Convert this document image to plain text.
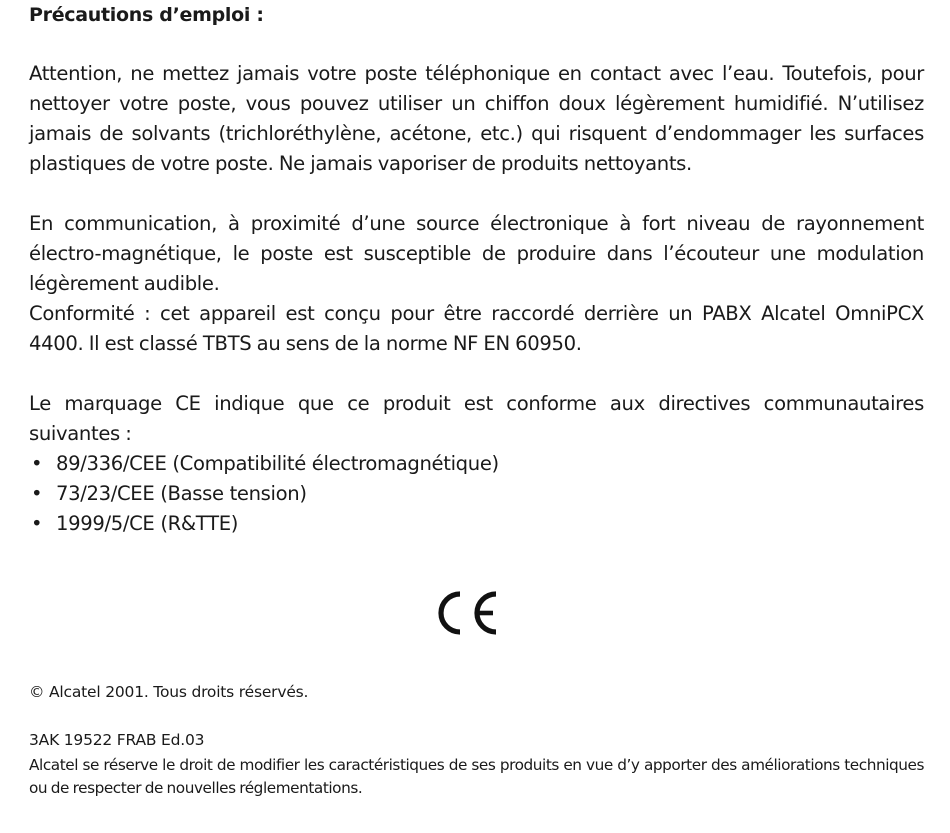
Précautions d’emploi :
Attention, ne mettez jamais votre poste téléphonique en contact avec l’eau. Toutefois, pour nettoyer votre poste, vous pouvez utiliser un chiffon doux légèrement humidifié. N’utilisez jamais de solvants (trichloréthylène, acétone, etc.) qui risquent d’endommager les surfaces plastiques de votre poste. Ne jamais vaporiser de produits nettoyants.
En communication, à proximité d’une source électronique à fort niveau de rayonnement électro-magnétique, le poste est susceptible de produire dans l’écouteur une modulation légèrement audible.
Conformité : cet appareil est conçu pour être raccordé derrière un PABX Alcatel OmniPCX 4400. Il est classé TBTS au sens de la norme NF EN 60950.
Le marquage CE indique que ce produit est conforme aux directives communautaires suivantes :
• 89/336/CEE (Compatibilité électromagnétique)
• 73/23/CEE (Basse tension)
• 1999/5/CE (R&TTE)
© Alcatel 2001. Tous droits réservés.
3AK 19522 FRAB Ed.03
Alcatel se réserve le droit de modifier les caractéristiques de ses produits en vue d’y apporter des améliorations techniques ou de respecter de nouvelles réglementations.
